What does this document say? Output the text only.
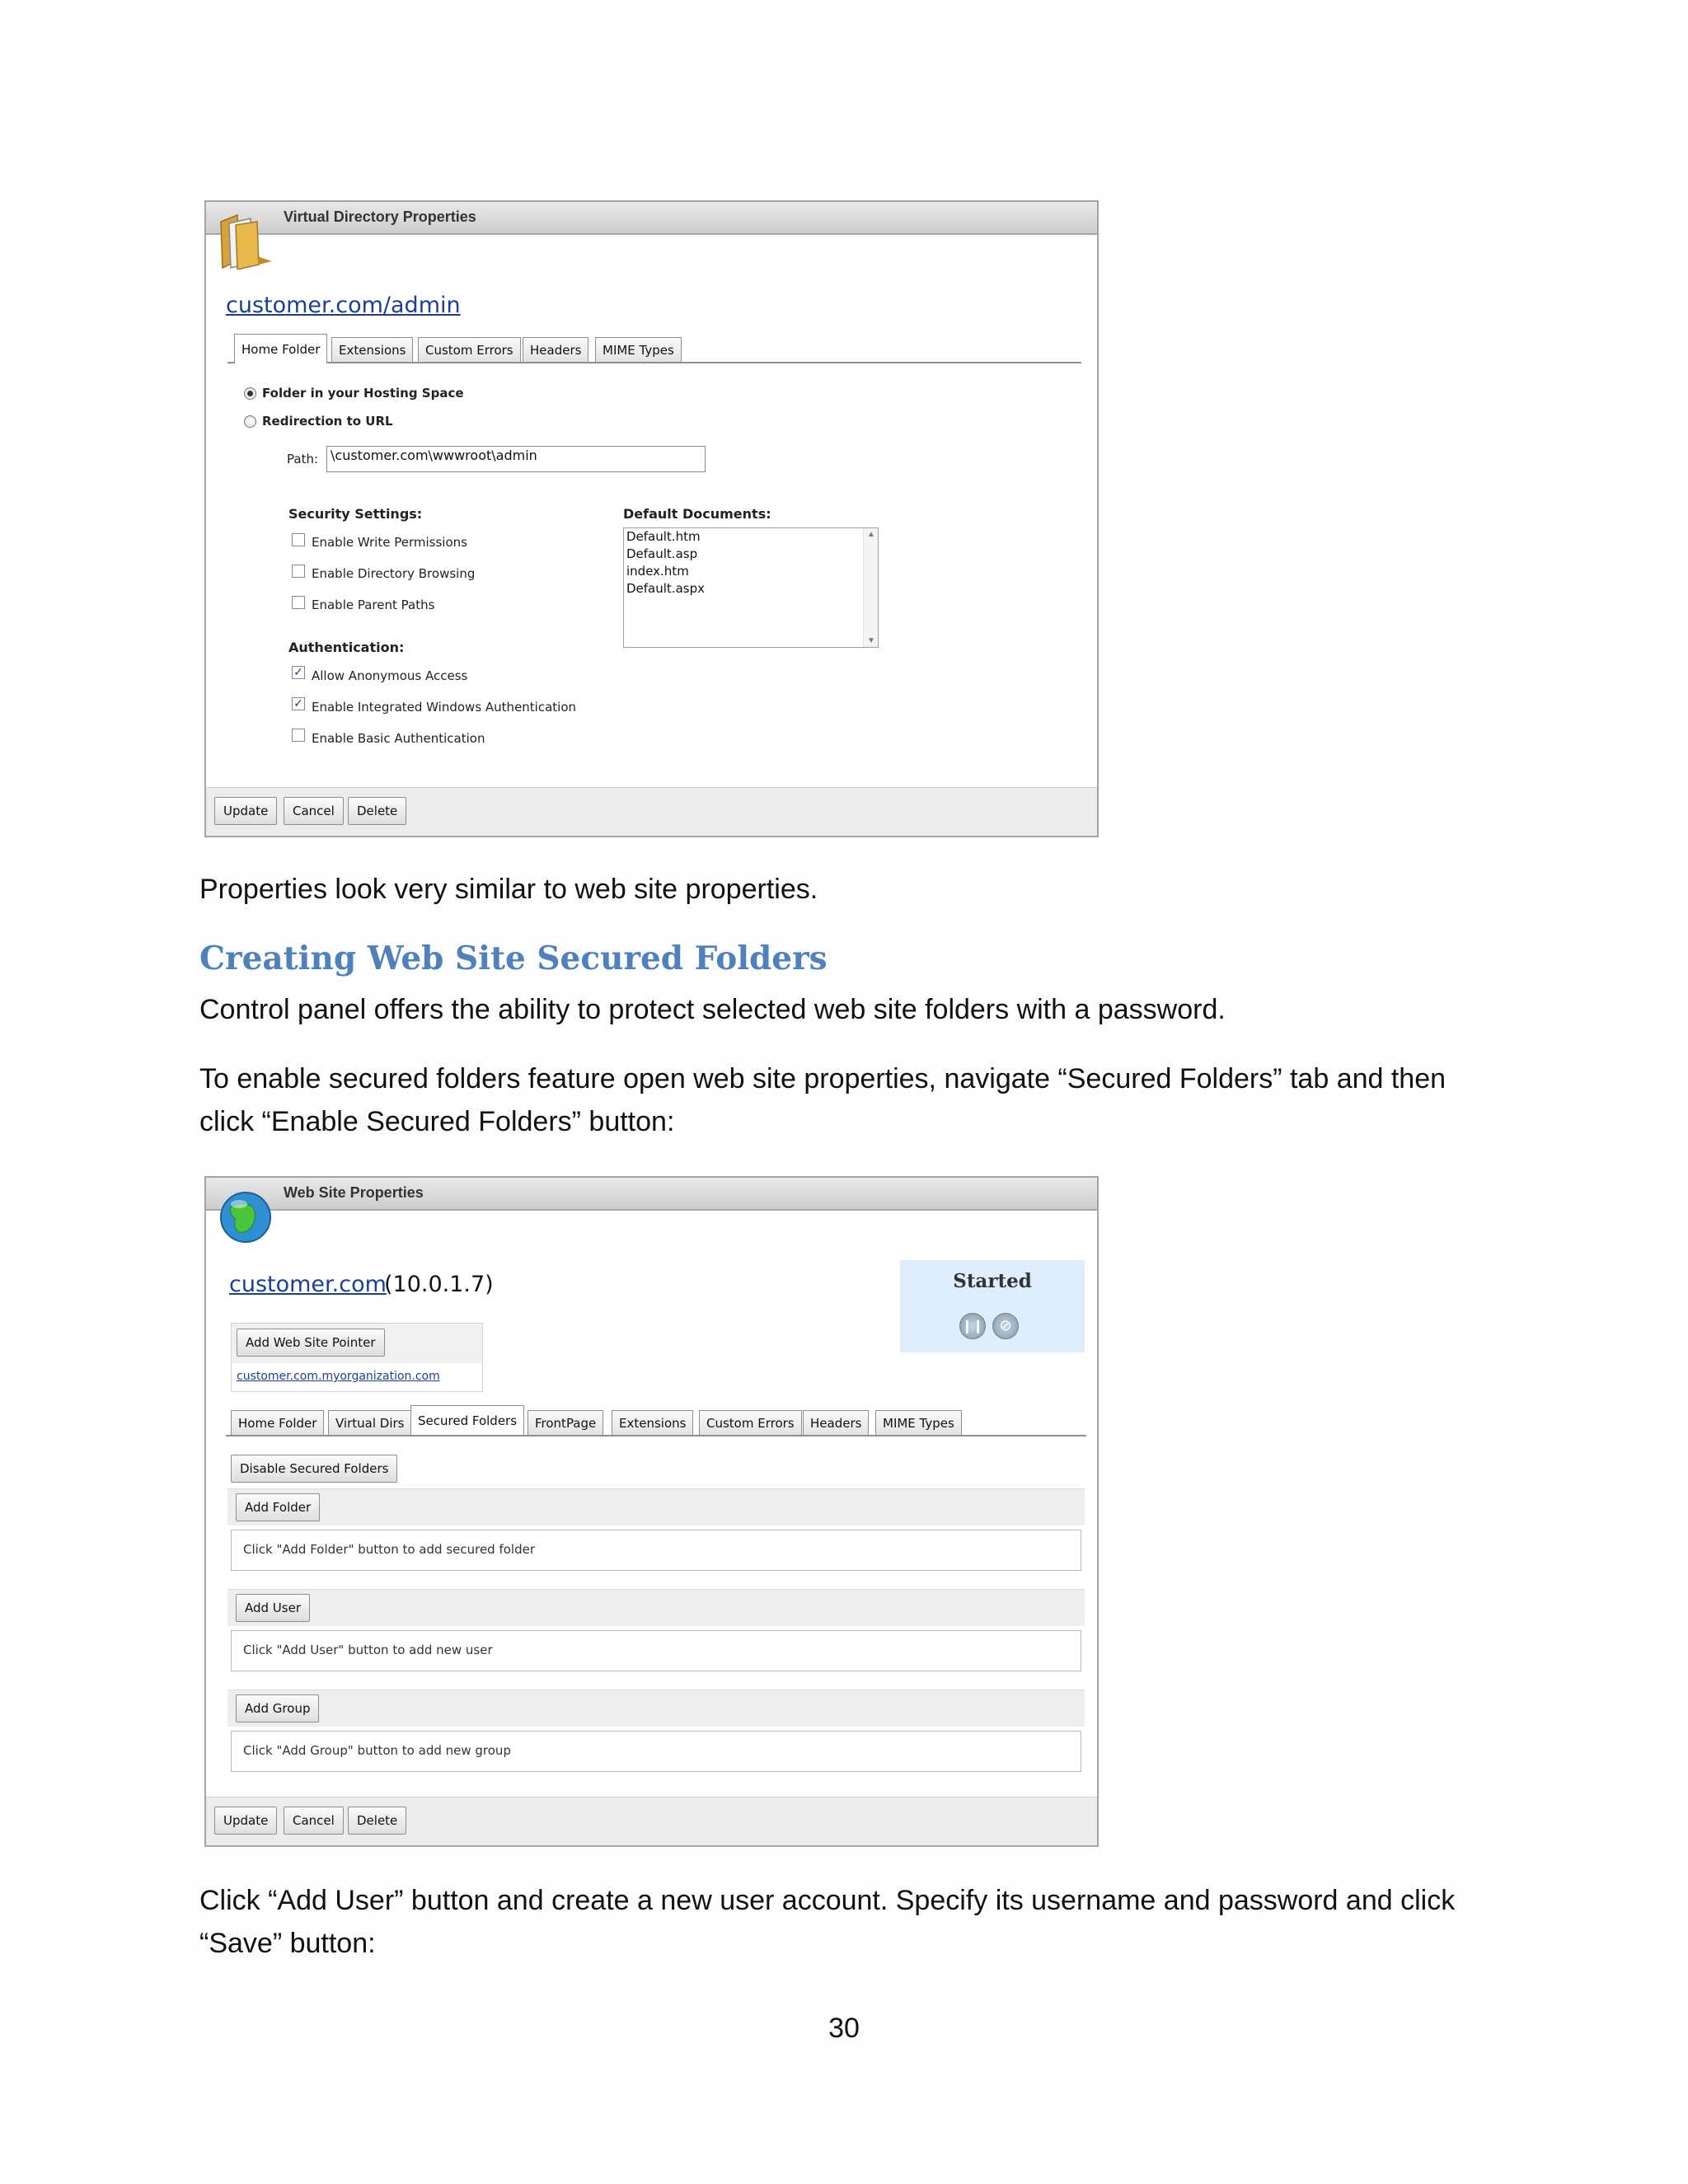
Virtual Directory Properties
customer.com/admin
Home Folder	Extensions	Custom Errors	Headers	MIME Types
Folder in your Hosting Space
Redirection to URL
Path: \customer.com\wwwroot\admin
Security Settings:
Enable Write Permissions
Enable Directory Browsing
Enable Parent Paths
Authentication:
✓ Allow Anonymous Access
✓ Enable Integrated Windows Authentication
Enable Basic Authentication
Default Documents:
Default.htm
Default.asp
index.htm
Default.aspx
▲
▼
Update	Cancel	Delete

Properties look very similar to web site properties.

Creating Web Site Secured Folders

Control panel offers the ability to protect selected web site folders with a password.

To enable secured folders feature open web site properties, navigate “Secured Folders” tab and then

click “Enable Secured Folders” button:

Web Site Properties
customer.com
(10.0.1.7)	Started
❙❙	⊘
Add Web Site Pointer
customer.com.myorganization.com
Home Folder	Virtual Dirs	Secured Folders	FrontPage	Extensions	Custom Errors	Headers	MIME Types
Disable Secured Folders
Add Folder
Click "Add Folder" button to add secured folder
Add User
Click "Add User" button to add new user
Add Group
Click "Add Group" button to add new group
Update	Cancel	Delete

Click “Add User” button and create a new user account. Specify its username and password and click

“Save” button:

30
